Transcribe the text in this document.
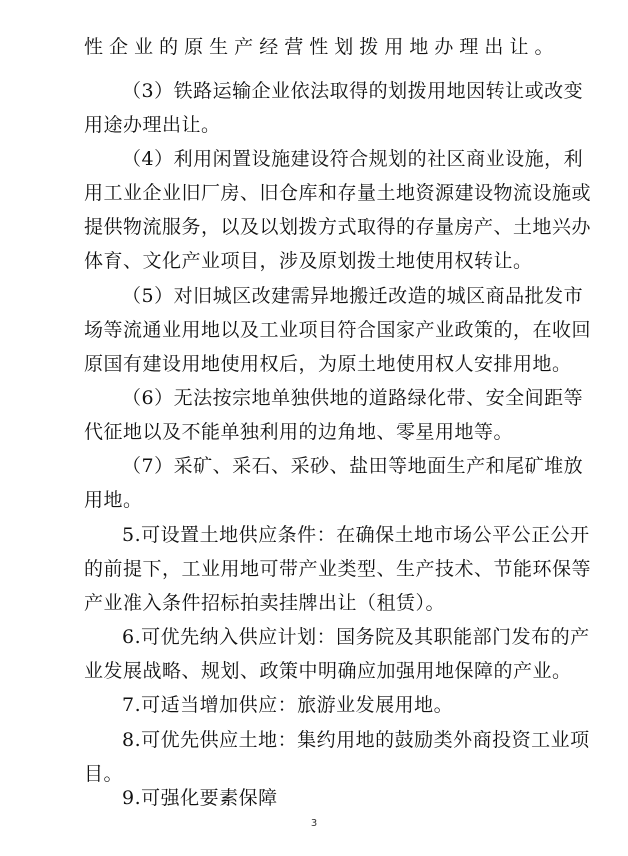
性企业的原生产经营性划拨用地办理出让。
（3）铁路运输企业依法取得的划拨用地因转让或改变
用途办理出让。
（4）利用闲置设施建设符合规划的社区商业设施，利
用工业企业旧厂房、旧仓库和存量土地资源建设物流设施或
提供物流服务，以及以划拨方式取得的存量房产、土地兴办
体育、文化产业项目，涉及原划拨土地使用权转让。
（5）对旧城区改建需异地搬迁改造的城区商品批发市
场等流通业用地以及工业项目符合国家产业政策的，在收回
原国有建设用地使用权后，为原土地使用权人安排用地。
（6）无法按宗地单独供地的道路绿化带、安全间距等
代征地以及不能单独利用的边角地、零星用地等。
（7）采矿、采石、采砂、盐田等地面生产和尾矿堆放
用地。
5.可设置土地供应条件：在确保土地市场公平公正公开
的前提下，工业用地可带产业类型、生产技术、节能环保等
产业准入条件招标拍卖挂牌出让（租赁）。
6.可优先纳入供应计划：国务院及其职能部门发布的产
业发展战略、规划、政策中明确应加强用地保障的产业。
7.可适当增加供应：旅游业发展用地。
8.可优先供应土地：集约用地的鼓励类外商投资工业项
目。
9.可强化要素保障
3
